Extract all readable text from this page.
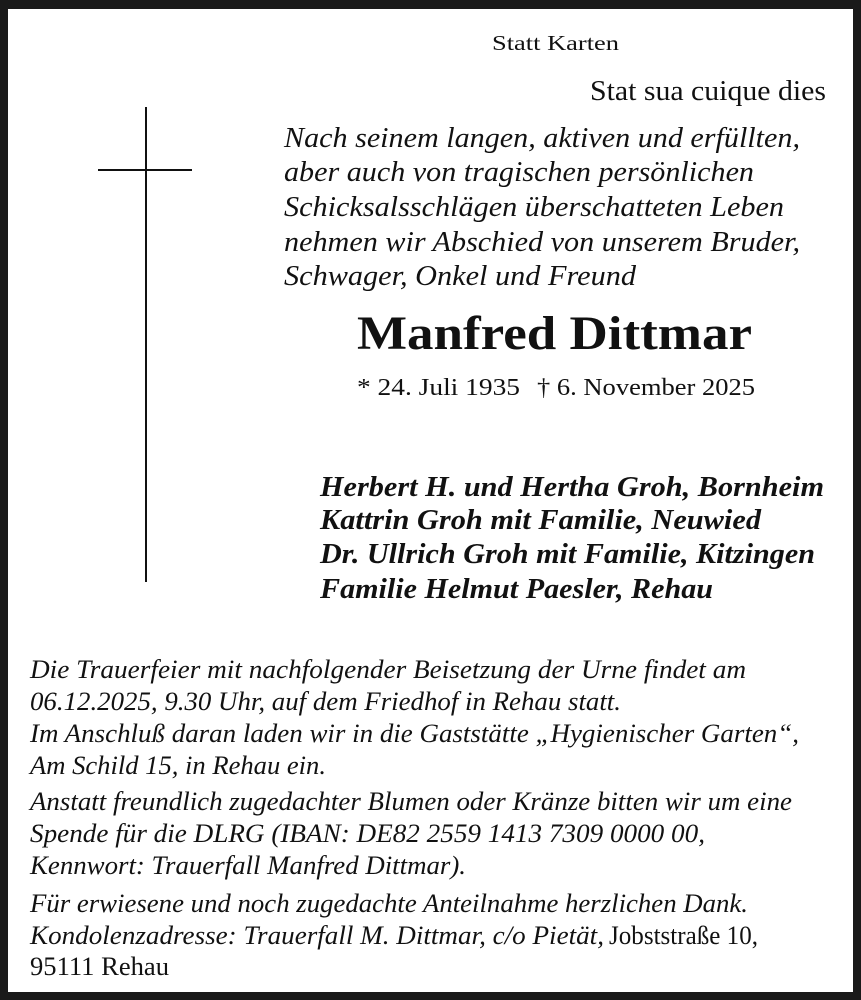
Statt Karten
Stat sua cuique dies
Nach seinem langen, aktiven und erfüllten,
aber auch von tragischen persönlichen
Schicksalsschlägen überschatteten Leben
nehmen wir Abschied von unserem Bruder,
Schwager, Onkel und Freund
Manfred Dittmar
* 24. Juli 1935 † 6. November 2025
Herbert H. und Hertha Groh, Bornheim
Kattrin Groh mit Familie, Neuwied
Dr. Ullrich Groh mit Familie, Kitzingen
Familie Helmut Paesler, Rehau
Die Trauerfeier mit nachfolgender Beisetzung der Urne findet am
06.12.2025, 9.30 Uhr, auf dem Friedhof in Rehau statt.
Im Anschluß daran laden wir in die Gaststätte „Hygienischer Garten“,
Am Schild 15, in Rehau ein.
Anstatt freundlich zugedachter Blumen oder Kränze bitten wir um eine
Spende für die DLRG (IBAN: DE82 2559 1413 7309 0000 00,
Kennwort: Trauerfall Manfred Dittmar).
Für erwiesene und noch zugedachte Anteilnahme herzlichen Dank.
Kondolenzadresse: Trauerfall M. Dittmar, c/o Pietät, Jobststraße 10,
95111 Rehau
